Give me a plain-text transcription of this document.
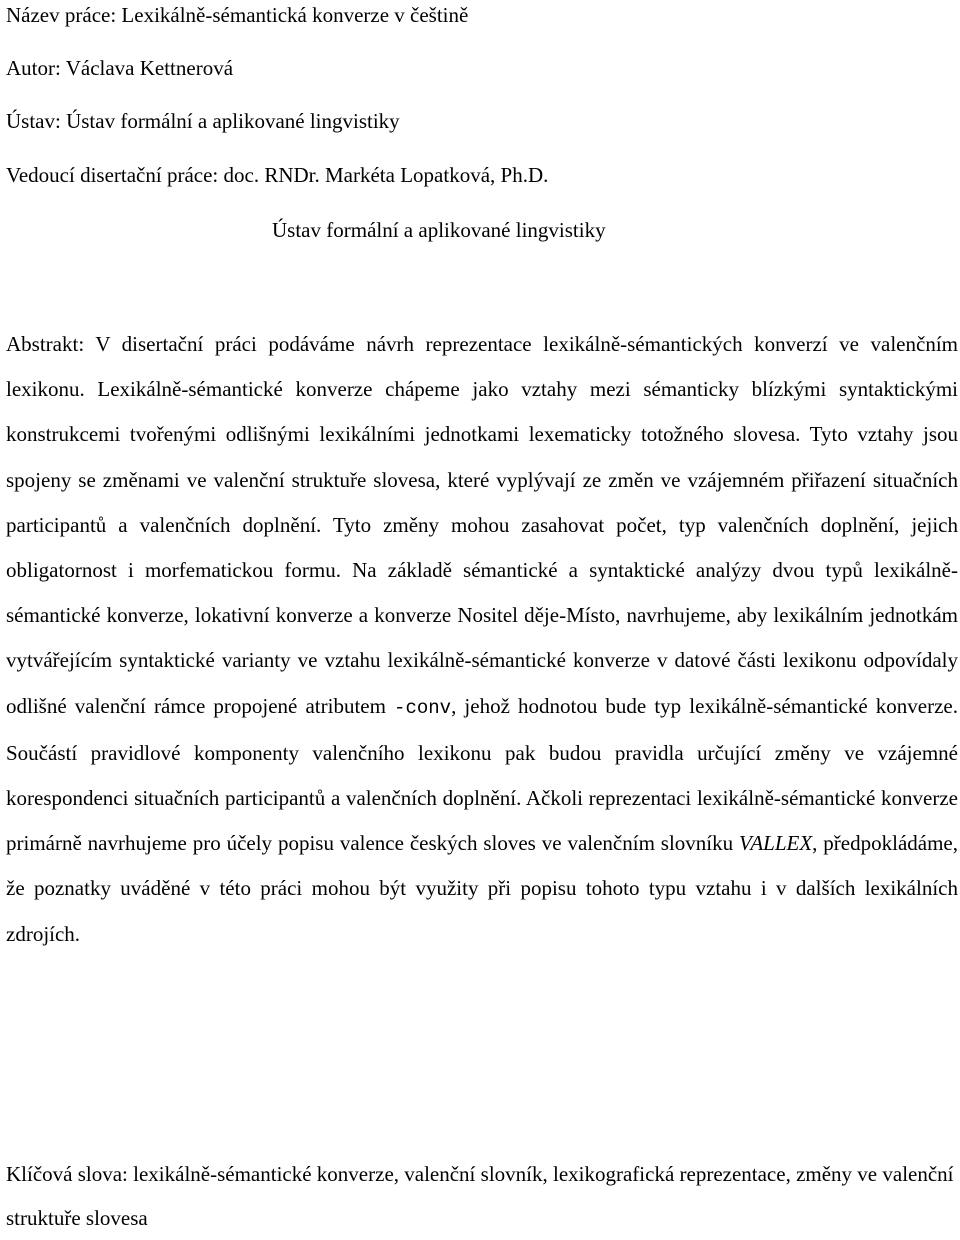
Název práce: Lexikálně-sémantická konverze v češtině
Autor: Václava Kettnerová
Ústav: Ústav formální a aplikované lingvistiky
Vedoucí disertační práce: doc. RNDr. Markéta Lopatková, Ph.D.
Ústav formální a aplikované lingvistiky
Abstrakt: V disertační práci podáváme návrh reprezentace lexikálně-sémantických konverzí ve valenčním lexikonu. Lexikálně-sémantické konverze chápeme jako vztahy mezi sémanticky blízkými syntaktickými konstrukcemi tvořenými odlišnými lexikálními jednotkami lexematicky totožného slovesa. Tyto vztahy jsou spojeny se změnami ve valenční struktuře slovesa, které vyplývají ze změn ve vzájemném přiřazení situačních participantů a valenčních doplnění. Tyto změny mohou zasahovat počet, typ valenčních doplnění, jejich obligatornost i morfematickou formu. Na základě sémantické a syntaktické analýzy dvou typů lexikálně-sémantické konverze, lokativní konverze a konverze Nositel děje-Místo, navrhujeme, aby lexikálním jednotkám vytvářejícím syntaktické varianty ve vztahu lexikálně-sémantické konverze v datové části lexikonu odpovídaly odlišné valenční rámce propojené atributem -conv, jehož hodnotou bude typ lexikálně-sémantické konverze. Součástí pravidlové komponenty valenčního lexikonu pak budou pravidla určující změny ve vzájemné korespondenci situačních participantů a valenčních doplnění. Ačkoli reprezentaci lexikálně-sémantické konverze primárně navrhujeme pro účely popisu valence českých sloves ve valenčním slovníku VALLEX, předpokládáme, že poznatky uváděné v této práci mohou být využity při popisu tohoto typu vztahu i v dalších lexikálních zdrojích.
Klíčová slova: lexikálně-sémantické konverze, valenční slovník, lexikografická reprezentace, změny ve valenční struktuře slovesa
